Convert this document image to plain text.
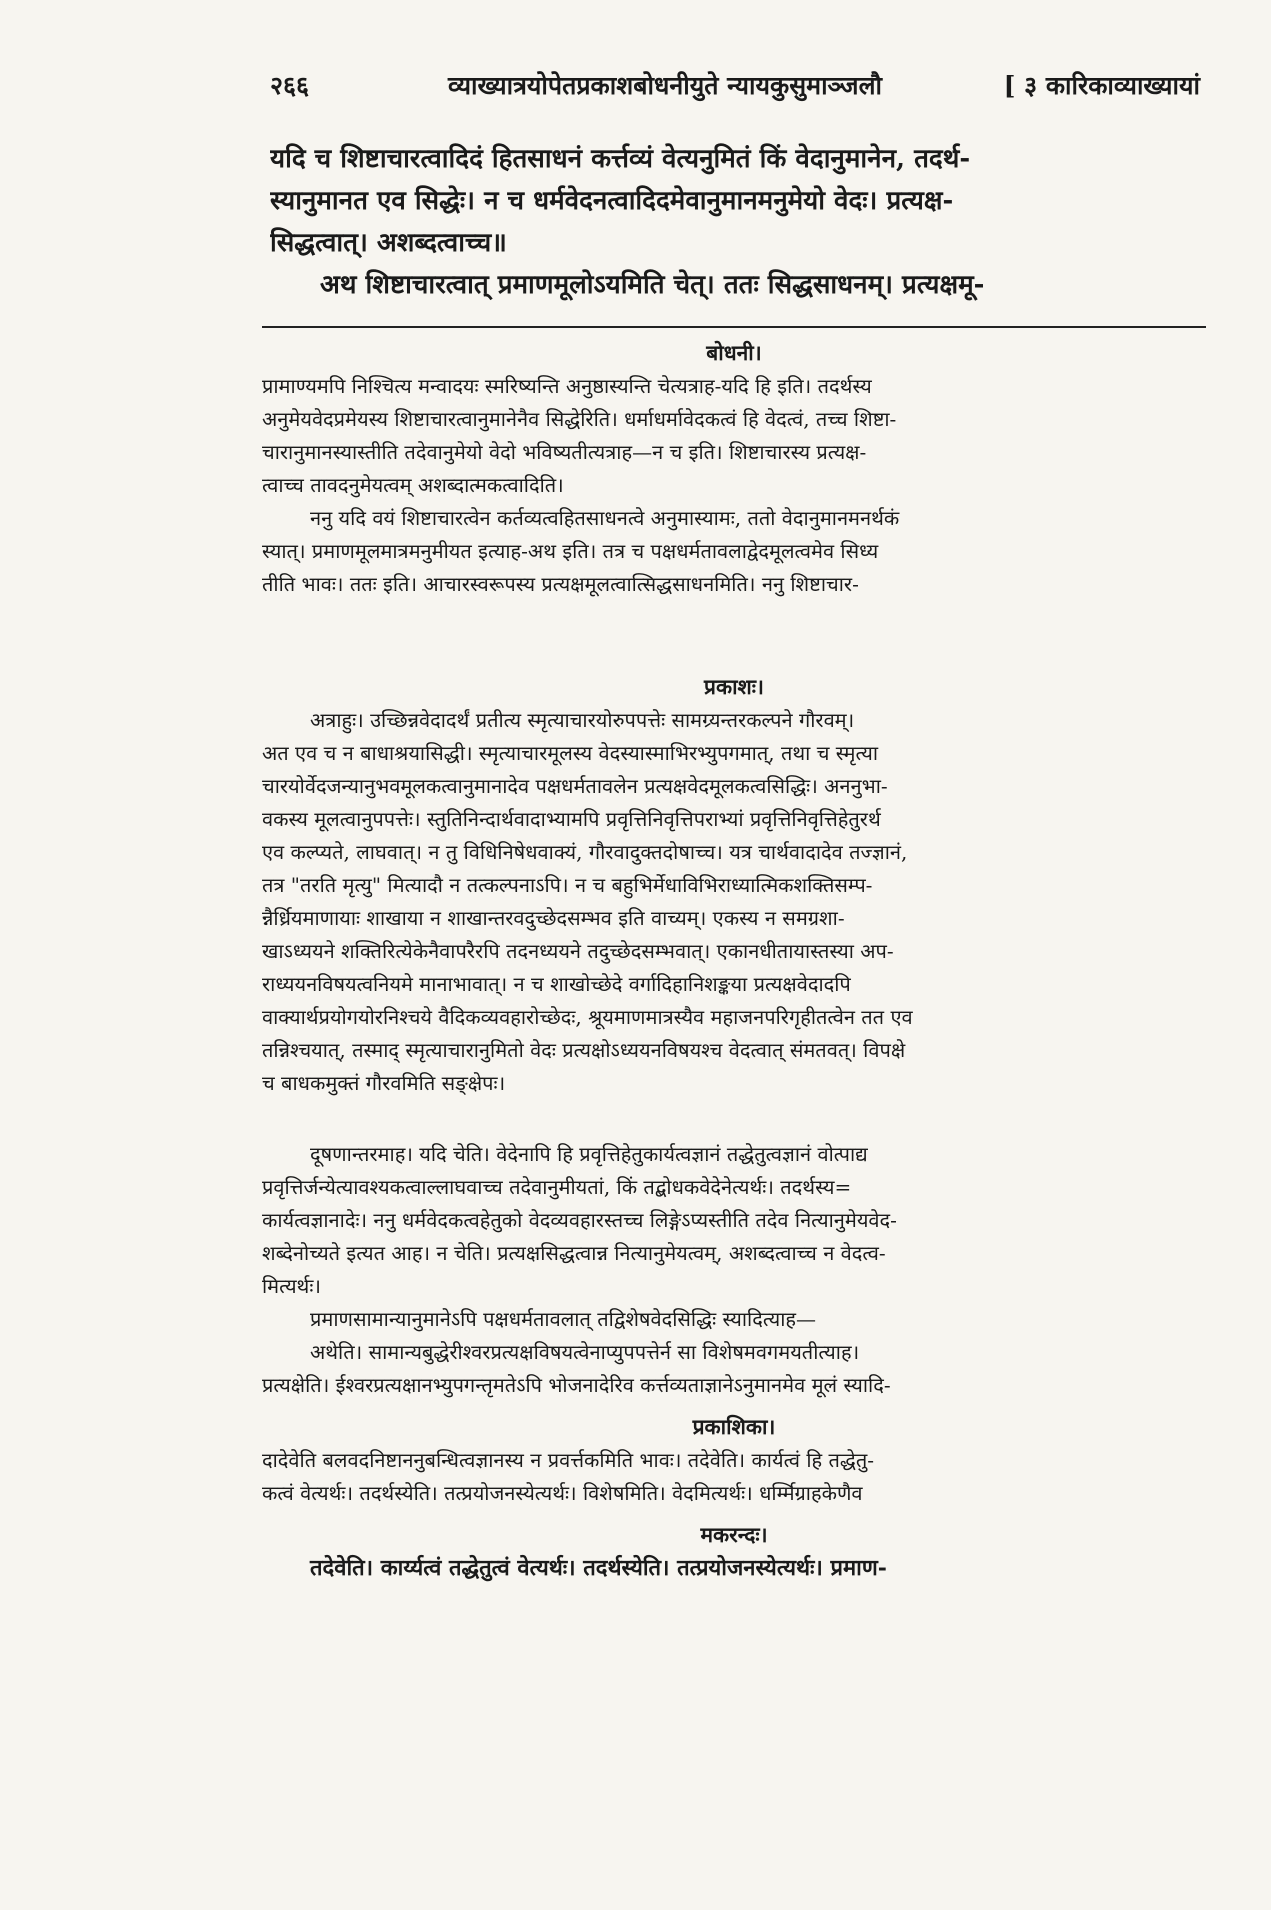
२६६	व्याख्यात्रयोपेतप्रकाशबोधनीयुते न्यायकुसुमाञ्जलौ	[ ३ कारिकाव्याख्यायां

यदि च शिष्टाचारत्वादिदं हितसाधनं कर्त्तव्यं वेत्यनुमितं किं वेदानुमानेन, तदर्थ-

स्यानुमानत एव सिद्धेः। न च धर्मवेदनत्वादिदमेवानुमानमनुमेयो वेदः। प्रत्यक्ष-

सिद्धत्वात्। अशब्दत्वाच्च॥

अथ शिष्टाचारत्वात् प्रमाणमूलोऽयमिति चेत्। ततः सिद्धसाधनम्। प्रत्यक्षमू-

बोधनी।

प्रामाण्यमपि निश्चित्य मन्वादयः स्मरिष्यन्ति अनुष्ठास्यन्ति चेत्यत्राह-यदि हि इति। तदर्थस्य

अनुमेयवेदप्रमेयस्य शिष्टाचारत्वानुमानेनैव सिद्धेरिति। धर्माधर्मावेदकत्वं हि वेदत्वं, तच्च शिष्टा-

चारानुमानस्यास्तीति तदेवानुमेयो वेदो भविष्यतीत्यत्राह—न च इति। शिष्टाचारस्य प्रत्यक्ष-

त्वाच्च तावदनुमेयत्वम् अशब्दात्मकत्वादिति।

ननु यदि वयं शिष्टाचारत्वेन कर्तव्यत्वहितसाधनत्वे अनुमास्यामः, ततो वेदानुमानमनर्थकं

स्यात्। प्रमाणमूलमात्रमनुमीयत इत्याह-अथ इति। तत्र च पक्षधर्मतावलाद्वेदमूलत्वमेव सिध्य

तीति भावः। ततः इति। आचारस्वरूपस्य प्रत्यक्षमूलत्वात्सिद्धसाधनमिति। ननु शिष्टाचार-

प्रकाशः।

अत्राहुः। उच्छिन्नवेदादर्थं प्रतीत्य स्मृत्याचारयोरुपपत्तेः सामग्र्यन्तरकल्पने गौरवम्।

अत एव च न बाधाश्रयासिद्धी। स्मृत्याचारमूलस्य वेदस्यास्माभिरभ्युपगमात्, तथा च स्मृत्या

चारयोर्वेदजन्यानुभवमूलकत्वानुमानादेव पक्षधर्मतावलेन प्रत्यक्षवेदमूलकत्वसिद्धिः। अननुभा-

वकस्य मूलत्वानुपपत्तेः। स्तुतिनिन्दार्थवादाभ्यामपि प्रवृत्तिनिवृत्तिपराभ्यां प्रवृत्तिनिवृत्तिहेतुरर्थ

एव कल्प्यते, लाघवात्। न तु विधिनिषेधवाक्यं, गौरवादुक्तदोषाच्च। यत्र चार्थवादादेव तज्ज्ञानं,

तत्र "तरति मृत्यु" मित्यादौ न तत्कल्पनाऽपि। न च बहुभिर्मेधाविभिराध्यात्मिकशक्तिसम्प-

न्नैर्ध्रियमाणायाः शाखाया न शाखान्तरवदुच्छेदसम्भव इति वाच्यम्। एकस्य न समग्रशा-

खाऽध्ययने शक्तिरित्येकेनैवापरैरपि तदनध्ययने तदुच्छेदसम्भवात्। एकानधीतायास्तस्या अप-

राध्ययनविषयत्वनियमे मानाभावात्। न च शाखोच्छेदे वर्गादिहानिशङ्कया प्रत्यक्षवेदादपि

वाक्यार्थप्रयोगयोरनिश्चये वैदिकव्यवहारोच्छेदः, श्रूयमाणमात्रस्यैव महाजनपरिगृहीतत्वेन तत एव

तन्निश्चयात्, तस्माद् स्मृत्याचारानुमितो वेदः प्रत्यक्षोऽध्ययनविषयश्च वेदत्वात् संमतवत्। विपक्षे

च बाधकमुक्तं गौरवमिति सङ्क्षेपः।

दूषणान्तरमाह। यदि चेति। वेदेनापि हि प्रवृत्तिहेतुकार्यत्वज्ञानं तद्धेतुत्वज्ञानं वोत्पाद्य

प्रवृत्तिर्जन्येत्यावश्यकत्वाल्लाघवाच्च तदेवानुमीयतां, किं तद्बोधकवेदेनेत्यर्थः। तदर्थस्य=

कार्यत्वज्ञानादेः। ननु धर्मवेदकत्वहेतुको वेदव्यवहारस्तच्च लिङ्गेऽप्यस्तीति तदेव नित्यानुमेयवेद-

शब्देनोच्यते इत्यत आह। न चेति। प्रत्यक्षसिद्धत्वान्न नित्यानुमेयत्वम्, अशब्दत्वाच्च न वेदत्व-

मित्यर्थः।

प्रमाणसामान्यानुमानेऽपि पक्षधर्मतावलात् तद्विशेषवेदसिद्धिः स्यादित्याह—

अथेति। सामान्यबुद्धेरीश्वरप्रत्यक्षविषयत्वेनाप्युपपत्तेर्न सा विशेषमवगमयतीत्याह।

प्रत्यक्षेति। ईश्वरप्रत्यक्षानभ्युपगन्तृमतेऽपि भोजनादेरिव कर्त्तव्यताज्ञानेऽनुमानमेव मूलं स्यादि-

प्रकाशिका।

दादेवेति बलवदनिष्टाननुबन्धित्वज्ञानस्य न प्रवर्त्तकमिति भावः। तदेवेति। कार्यत्वं हि तद्धेतु-

कत्वं वेत्यर्थः। तदर्थस्येति। तत्प्रयोजनस्येत्यर्थः। विशेषमिति। वेदमित्यर्थः। धर्म्मिग्राहकेणैव

मकरन्दः।

तदेवेति। कार्य्यत्वं तद्धेतुत्वं वेत्यर्थः। तदर्थस्येति। तत्प्रयोजनस्येत्यर्थः। प्रमाण-
